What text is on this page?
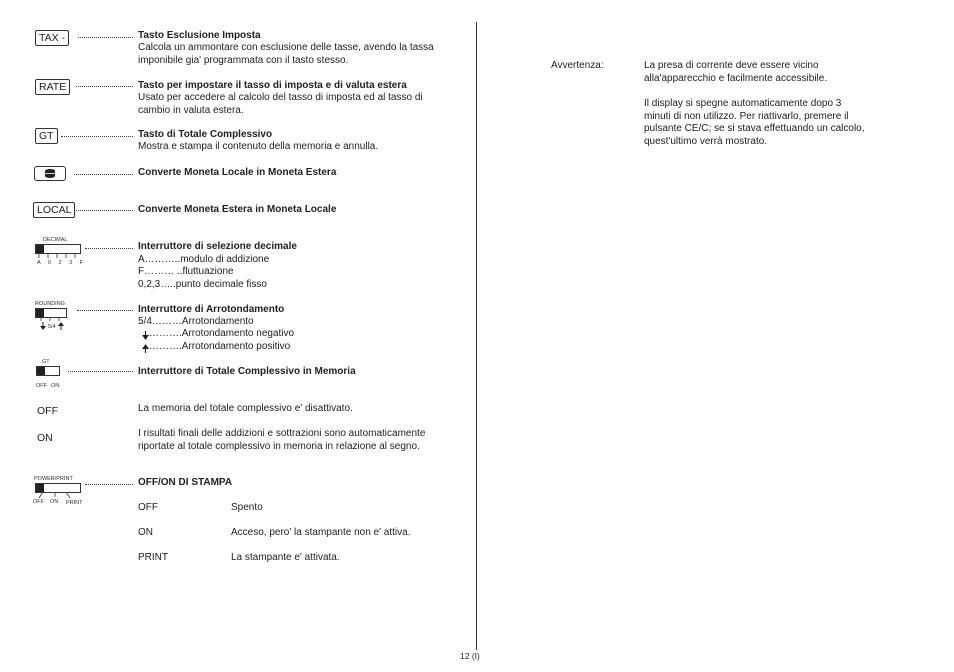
TAX -	Tasto Esclusione Imposta
Calcola un ammontare con esclusione delle tasse, avendo la tassa imponibile gia' programmata con il tasto stesso.
RATE	Tasto per impostare il tasso di imposta e di valuta estera
Usato per accedere al calcolo del tasso di imposta ed al tasso di cambio in valuta estera.
GT	Tasto di Totale Complessivo
Mostra e stampa il contenuto della memoria e annulla.
Converte Moneta Locale in Moneta Estera
LOCAL	Converte Moneta Estera in Moneta Locale
DECIMAL
A  0  2  3  F
Interruttore di selezione decimale
A………..modulo di addizione
F……… ..fluttuazione
0,2,3…..punto decimale fisso
ROUNDING
5/4
Interruttore di Arrotondamento
5/4………Arrotondamento
……….Arrotondamento negativo
……….Arrotondamento positivo
GT
OFF ON
Interruttore di Totale Complessivo in Memoria
OFF	La memoria del totale complessivo e' disattivato.
ON	I risultati finali delle addizioni e sottrazioni sono automaticamente riportate al totale complessivo in memoria in relazione al segno.
POWER/PRINT
OFF ON PRINT
OFF/ON DI STAMPA
OFF	Spento
ON	Acceso, pero' la stampante non e' attiva.
PRINT	La stampante e' attivata.
Avvertenza:	La presa di corrente deve essere vicino alla'apparecchio e facilmente accessibile.
Il display si spegne automaticamente dopo 3 minuti di non utilizzo. Per riattivarlo, premere il pulsante CE/C; se si stava effettuando un calcolo, quest'ultimo verrà mostrato.
12 (I)
